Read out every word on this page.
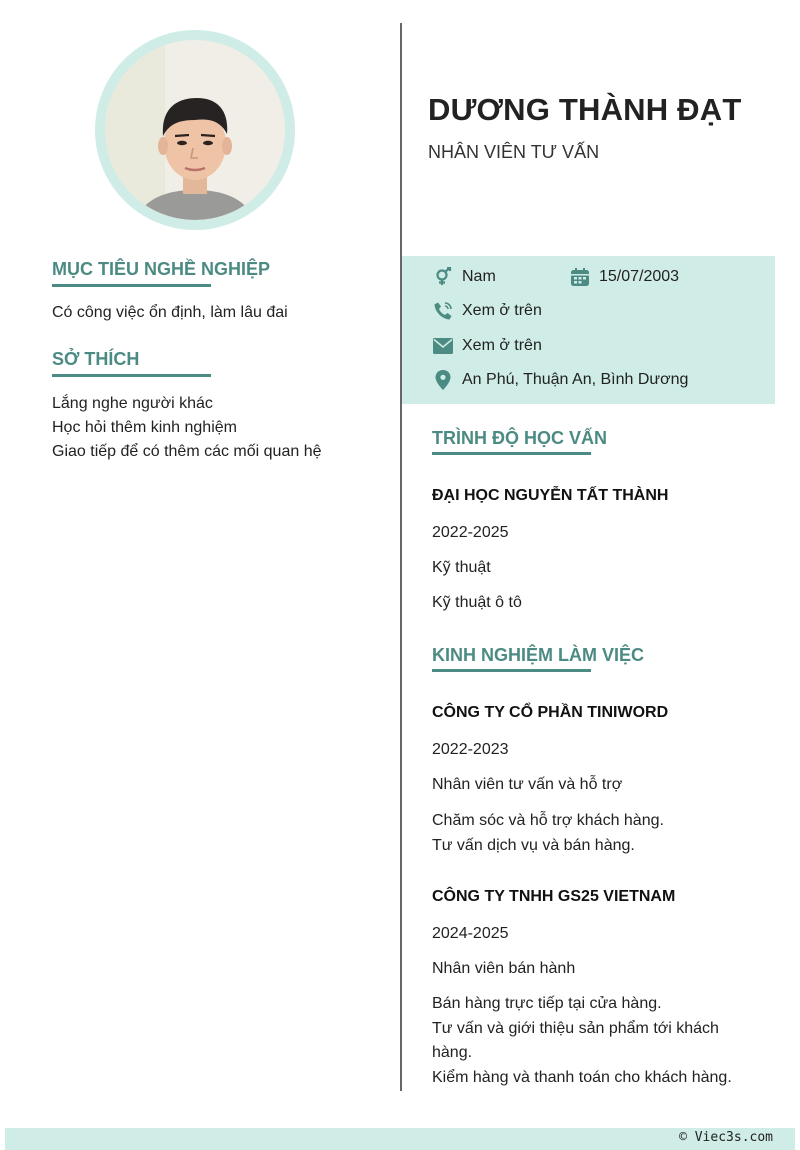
MỤC TIÊU NGHỀ NGHIỆP
Có công việc ổn định, làm lâu đai
SỞ THÍCH
Lắng nghe người khác
Học hỏi thêm kinh nghiệm
Giao tiếp để có thêm các mối quan hệ
DƯƠNG THÀNH ĐẠT
NHÂN VIÊN TƯ VẤN
Nam	15/07/2003
Xem ở trên
Xem ở trên
An Phú, Thuận An, Bình Dương
TRÌNH ĐỘ HỌC VẤN
ĐẠI HỌC NGUYỄN TẤT THÀNH
2022-2025
Kỹ thuật
Kỹ thuật ô tô
KINH NGHIỆM LÀM VIỆC
CÔNG TY CỔ PHẦN TINIWORD
2022-2023
Nhân viên tư vấn và hỗ trợ
Chăm sóc và hỗ trợ khách hàng.
Tư vấn dịch vụ và bán hàng.
CÔNG TY TNHH GS25 VIETNAM
2024-2025
Nhân viên bán hành
Bán hàng trực tiếp tại cửa hàng.
Tư vấn và giới thiệu sản phẩm tới khách hàng.
Kiểm hàng và thanh toán cho khách hàng.
© Viec3s.com
